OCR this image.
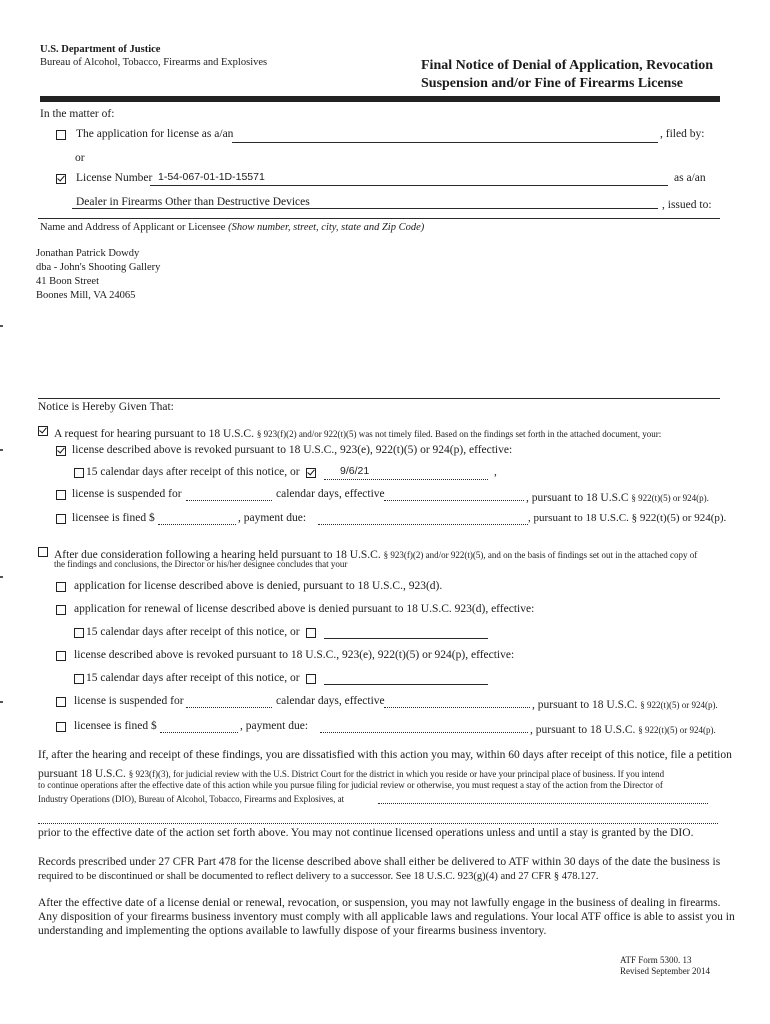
U.S. Department of Justice
Bureau of Alcohol, Tobacco, Firearms and Explosives	Final Notice of Denial of Application, Revocation
Suspension and/or Fine of Firearms License
In the matter of:
The application for license as a/an	, filed by:
or
License Number 1-54-067-01-1D-15571	as a/an
Dealer in Firearms Other than Destructive Devices	, issued to:
Name and Address of Applicant or Licensee (Show number, street, city, state and Zip Code)
Jonathan Patrick Dowdy
dba - John's Shooting Gallery
41 Boon Street
Boones Mill, VA 24065
Notice is Hereby Given That:
A request for hearing pursuant to 18 U.S.C. § 923(f)(2) and/or 922(t)(5) was not timely filed. Based on the findings set forth in the attached document, your:
license described above is revoked pursuant to 18 U.S.C., 923(e), 922(t)(5) or 924(p), effective:
15 calendar days after receipt of this notice, or	9/6/21	,
license is suspended for	calendar days, effective	, pursuant to 18 U.S.C § 922(t)(5) or 924(p).
licensee is fined $	, payment due:	, pursuant to 18 U.S.C. § 922(t)(5) or 924(p).
After due consideration following a hearing held pursuant to 18 U.S.C. § 923(f)(2) and/or 922(t)(5), and on the basis of findings set out in the attached copy of
the findings and conclusions, the Director or his/her designee concludes that your
application for license described above is denied, pursuant to 18 U.S.C., 923(d).
application for renewal of license described above is denied pursuant to 18 U.S.C. 923(d), effective:
15 calendar days after receipt of this notice, or
license described above is revoked pursuant to 18 U.S.C., 923(e), 922(t)(5) or 924(p), effective:
15 calendar days after receipt of this notice, or
license is suspended for	calendar days, effective	, pursuant to 18 U.S.C. § 922(t)(5) or 924(p).
licensee is fined $	, payment due:	, pursuant to 18 U.S.C. § 922(t)(5) or 924(p).
If, after the hearing and receipt of these findings, you are dissatisfied with this action you may, within 60 days after receipt of this notice, file a petition
pursuant 18 U.S.C. § 923(f)(3), for judicial review with the U.S. District Court for the district in which you reside or have your principal place of business. If you intend
to continue operations after the effective date of this action while you pursue filing for judicial review or otherwise, you must request a stay of the action from the Director of
Industry Operations (DIO), Bureau of Alcohol, Tobacco, Firearms and Explosives, at
prior to the effective date of the action set forth above. You may not continue licensed operations unless and until a stay is granted by the DIO.
Records prescribed under 27 CFR Part 478 for the license described above shall either be delivered to ATF within 30 days of the date the business is
required to be discontinued or shall be documented to reflect delivery to a successor. See 18 U.S.C. 923(g)(4) and 27 CFR § 478.127.
After the effective date of a license denial or renewal, revocation, or suspension, you may not lawfully engage in the business of dealing in firearms.
Any disposition of your firearms business inventory must comply with all applicable laws and regulations. Your local ATF office is able to assist you in
understanding and implementing the options available to lawfully dispose of your firearms business inventory.
ATF Form 5300. 13
Revised September 2014
